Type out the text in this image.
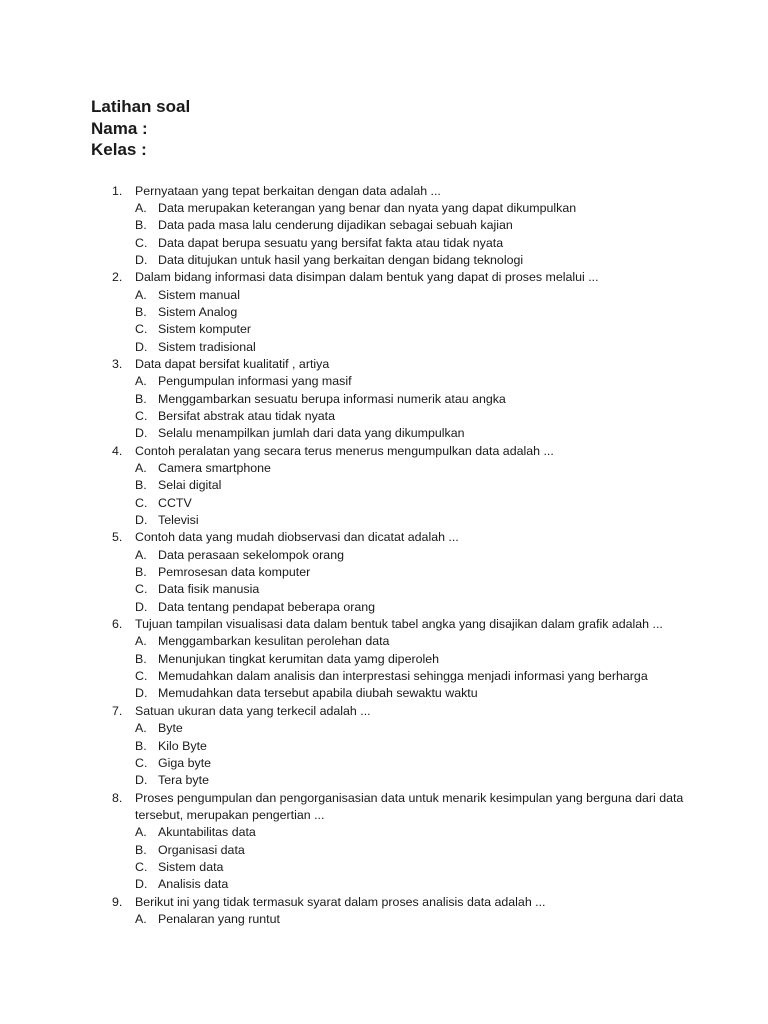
Latihan soal

Nama :

Kelas :

1.	Pernyataan yang tepat berkaitan dengan data adalah ...
A. Data merupakan keterangan yang benar dan nyata yang dapat dikumpulkan
B. Data pada masa lalu cenderung dijadikan sebagai sebuah kajian
C. Data dapat berupa sesuatu yang bersifat fakta atau tidak nyata
D. Data ditujukan untuk hasil yang berkaitan dengan bidang teknologi
2.	Dalam bidang informasi data disimpan dalam bentuk yang dapat di proses melalui ...
A. Sistem manual
B. Sistem Analog
C. Sistem komputer
D. Sistem tradisional
3.	Data dapat bersifat kualitatif , artiya
A. Pengumpulan informasi yang masif
B. Menggambarkan sesuatu berupa informasi numerik atau angka
C. Bersifat abstrak atau tidak nyata
D. Selalu menampilkan jumlah dari data yang dikumpulkan
4.	Contoh peralatan yang secara terus menerus mengumpulkan data adalah ...
A. Camera smartphone
B. Selai digital
C. CCTV
D. Televisi
5.	Contoh data yang mudah diobservasi dan dicatat adalah ...
A. Data perasaan sekelompok orang
B. Pemrosesan data komputer
C. Data fisik manusia
D. Data tentang pendapat beberapa orang
6.	Tujuan tampilan visualisasi data dalam bentuk tabel angka yang disajikan dalam grafik adalah ...
A. Menggambarkan kesulitan perolehan data
B. Menunjukan tingkat kerumitan data yamg diperoleh
C. Memudahkan dalam analisis dan interprestasi sehingga menjadi informasi yang berharga
D. Memudahkan data tersebut apabila diubah sewaktu waktu
7.	Satuan ukuran data yang terkecil adalah ...
A. Byte
B. Kilo Byte
C. Giga byte
D. Tera byte
8.	Proses pengumpulan dan pengorganisasian data untuk menarik kesimpulan yang berguna dari data tersebut, merupakan pengertian ...
A. Akuntabilitas data
B. Organisasi data
C. Sistem data
D. Analisis data
9.	Berikut ini yang tidak termasuk syarat dalam proses analisis data adalah ...
A. Penalaran yang runtut
